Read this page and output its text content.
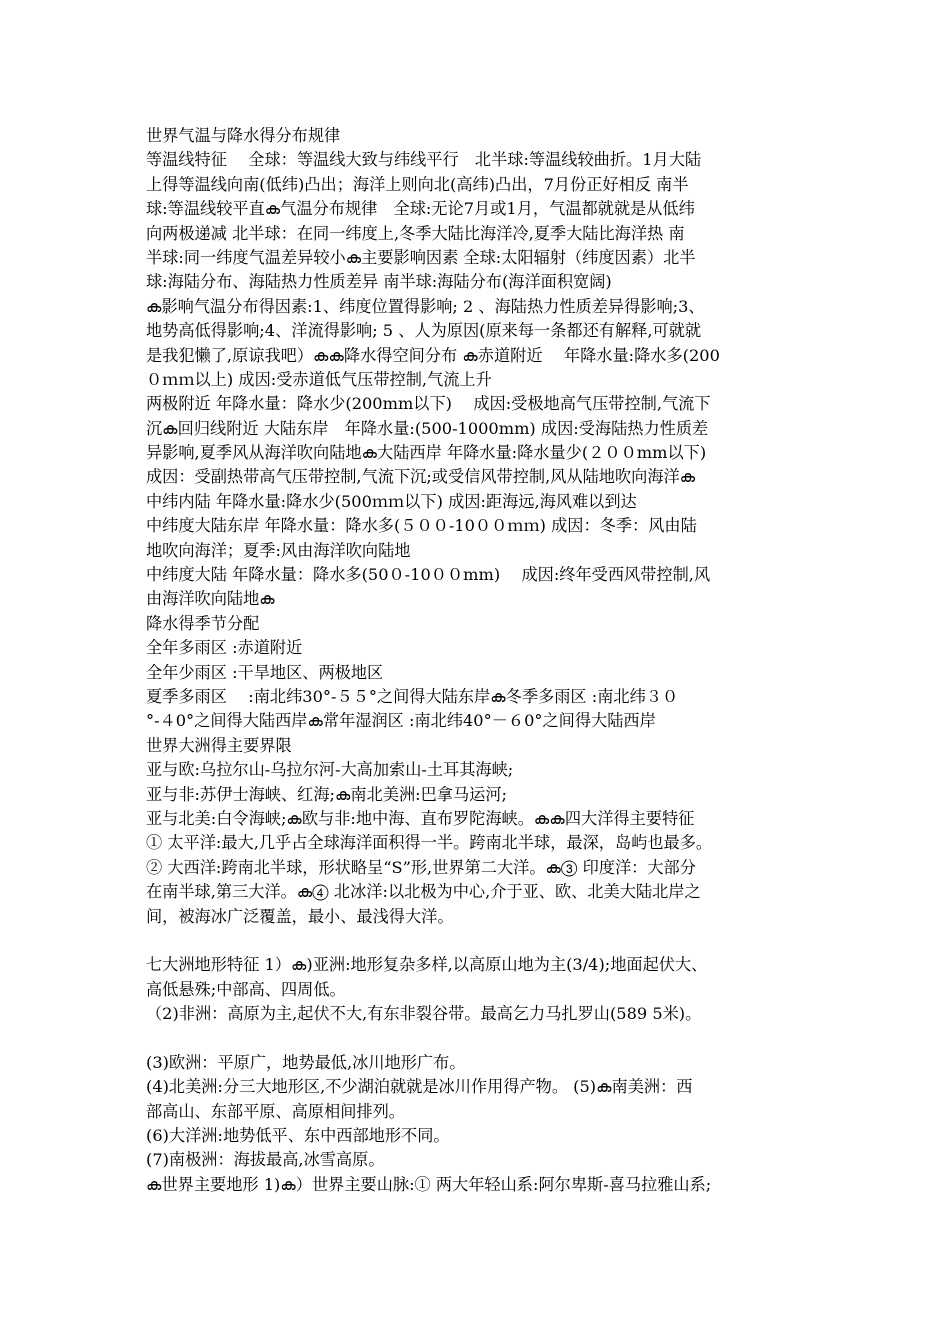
世界气温与降水得分布规律
等温线特征　 全球：等温线大致与纬线平行　北半球:等温线较曲折。1月大陆
上得等温线向南(低纬)凸出；海洋上则向北(高纬)凸出，7月份正好相反 南半
球:等温线较平直ക气温分布规律　全球:无论7月或1月，气温都就就是从低纬
向两极递减 北半球：在同一纬度上,冬季大陆比海洋冷,夏季大陆比海洋热 南
半球:同一纬度气温差异较小ക主要影响因素 全球:太阳辐射（纬度因素）北半
球:海陆分布、海陆热力性质差异 南半球:海陆分布(海洋面积宽阔)
ക影响气温分布得因素:1、纬度位置得影响; 2 、海陆热力性质差异得影响;3、
地势高低得影响;4、洋流得影响; 5 、人为原因(原来每一条都还有解释,可就就
是我犯懒了,原谅我吧）കക降水得空间分布 ക赤道附近　 年降水量:降水多(200
０ｍｍ以上) 成因:受赤道低气压带控制,气流上升
两极附近 年降水量：降水少(200mm以下)　 成因:受极地高气压带控制,气流下
沉ക回归线附近 大陆东岸　年降水量:(500-1000mm) 成因:受海陆热力性质差
异影响,夏季风从海洋吹向陆地ക大陆西岸 年降水量:降水量少(２００mm以下)
成因：受副热带高气压带控制,气流下沉;或受信风带控制,风从陆地吹向海洋ക
中纬内陆 年降水量:降水少(500ｍｍ以下) 成因:距海远,海风难以到达
中纬度大陆东岸 年降水量：降水多(５００-10００ｍｍ) 成因：冬季：风由陆
地吹向海洋；夏季:风由海洋吹向陆地
中纬度大陆 年降水量：降水多(50０-10００mm)　 成因:终年受西风带控制,风
由海洋吹向陆地ക
降水得季节分配
全年多雨区 :赤道附近
全年少雨区 :干旱地区、两极地区
夏季多雨区　 :南北纬30°-５５°之间得大陆东岸ക冬季多雨区 :南北纬３０
°-４0°之间得大陆西岸ക常年湿润区 :南北纬40°－６0°之间得大陆西岸
世界大洲得主要界限
亚与欧:乌拉尔山-乌拉尔河-大高加索山-土耳其海峡;
亚与非:苏伊士海峡、红海;ക南北美洲:巴拿马运河;
亚与北美:白令海峡;ക欧与非:地中海、直布罗陀海峡。കക四大洋得主要特征
① 太平洋:最大,几乎占全球海洋面积得一半。跨南北半球，最深，岛屿也最多。
② 大西洋:跨南北半球，形状略呈“S”形,世界第二大洋。ക③ 印度洋：大部分
在南半球,第三大洋。ക④ 北冰洋:以北极为中心,介于亚、欧、北美大陆北岸之
间，被海冰广泛覆盖，最小、最浅得大洋。
七大洲地形特征 1）ക)亚洲:地形复杂多样,以高原山地为主(3/4);地面起伏大、
高低悬殊;中部高、四周低。
（2)非洲：高原为主,起伏不大,有东非裂谷带。最高乞力马扎罗山(589 5米)。
(3)欧洲：平原广，地势最低,冰川地形广布。
(4)北美洲:分三大地形区,不少湖泊就就是冰川作用得产物。 (5)ക南美洲：西
部高山、东部平原、高原相间排列。
(6)大洋洲:地势低平、东中西部地形不同。
(7)南极洲：海拔最高,冰雪高原。
ക世界主要地形 1)ക）世界主要山脉:① 两大年轻山系:阿尔卑斯-喜马拉雅山系;
